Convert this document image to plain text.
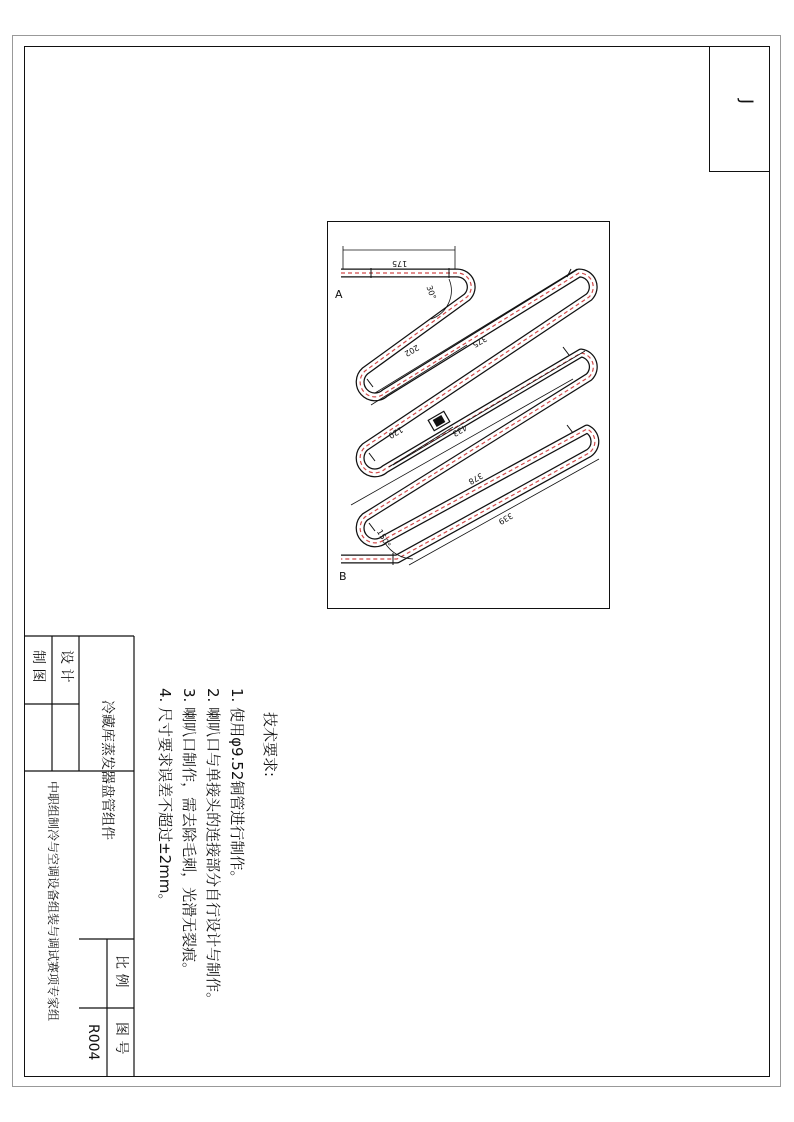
J
A
B
175
30°
202
375
120	433
378
339
150°
技术要求:
1. 使用φ9.52铜管进行制作。
2. 喇叭口与单接头的连接部分自行设计与制作。
3. 喇叭口制作，需去除毛刺，光滑无裂痕。
4. 尺寸要求误差不超过±2mm。
设 计
制 图
冷藏库蒸发器盘管组件
比 例
图 号
R004
中职组制冷与空调设备组装与调试赛项专家组
